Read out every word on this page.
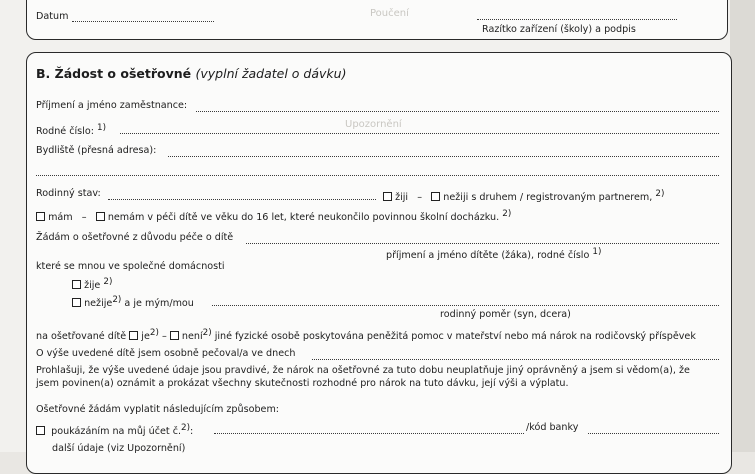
Poučení
Datum
Razítko zařízení (školy) a podpis
B. Žádost o ošetřovné (vyplní žadatel o dávku)
Upozornění
Příjmení a jméno zaměstnance:
Rodné číslo: $^{1)}$
Bydliště (přesná adresa):
Rodinný stav:	žiji   –    nežiji s druhem / registrovaným partnerem, $^{2)}$
mám   –    nemám v péči dítě ve věku do 16 let, které neukončilo povinnou školní docházku. $^{2)}$
Žádám o ošetřovné z důvodu péče o dítě
příjmení a jméno dítěte (žáka), rodné číslo $^{1)}$
které se mnou ve společné domácnosti
žije $^{2)}$
nežije$^{2)}$ a je mým/mou
rodinný poměr (syn, dcera)
na ošetřované dítě $je^{2)}$ – není$^{2)}$ jiné fyzické osobě poskytována peněžitá pomoc v mateřství nebo má nárok na rodičovský příspěvek
O výše uvedené dítě jsem osobně pečoval/a ve dnech
Prohlašuji, že výše uvedené údaje jsou pravdivé, že nárok na ošetřovné za tuto dobu neuplatňuje jiný oprávněný a jsem si vědom(a), že
jsem povinen(a) oznámit a prokázat všechny skutečnosti rozhodné pro nárok na tuto dávku, její výši a výplatu.
Ošetřovné žádám vyplatit následujícím způsobem:
poukázáním na můj účet č.$^{2)}$:	/kód banky
další údaje (viz Upozornění)
